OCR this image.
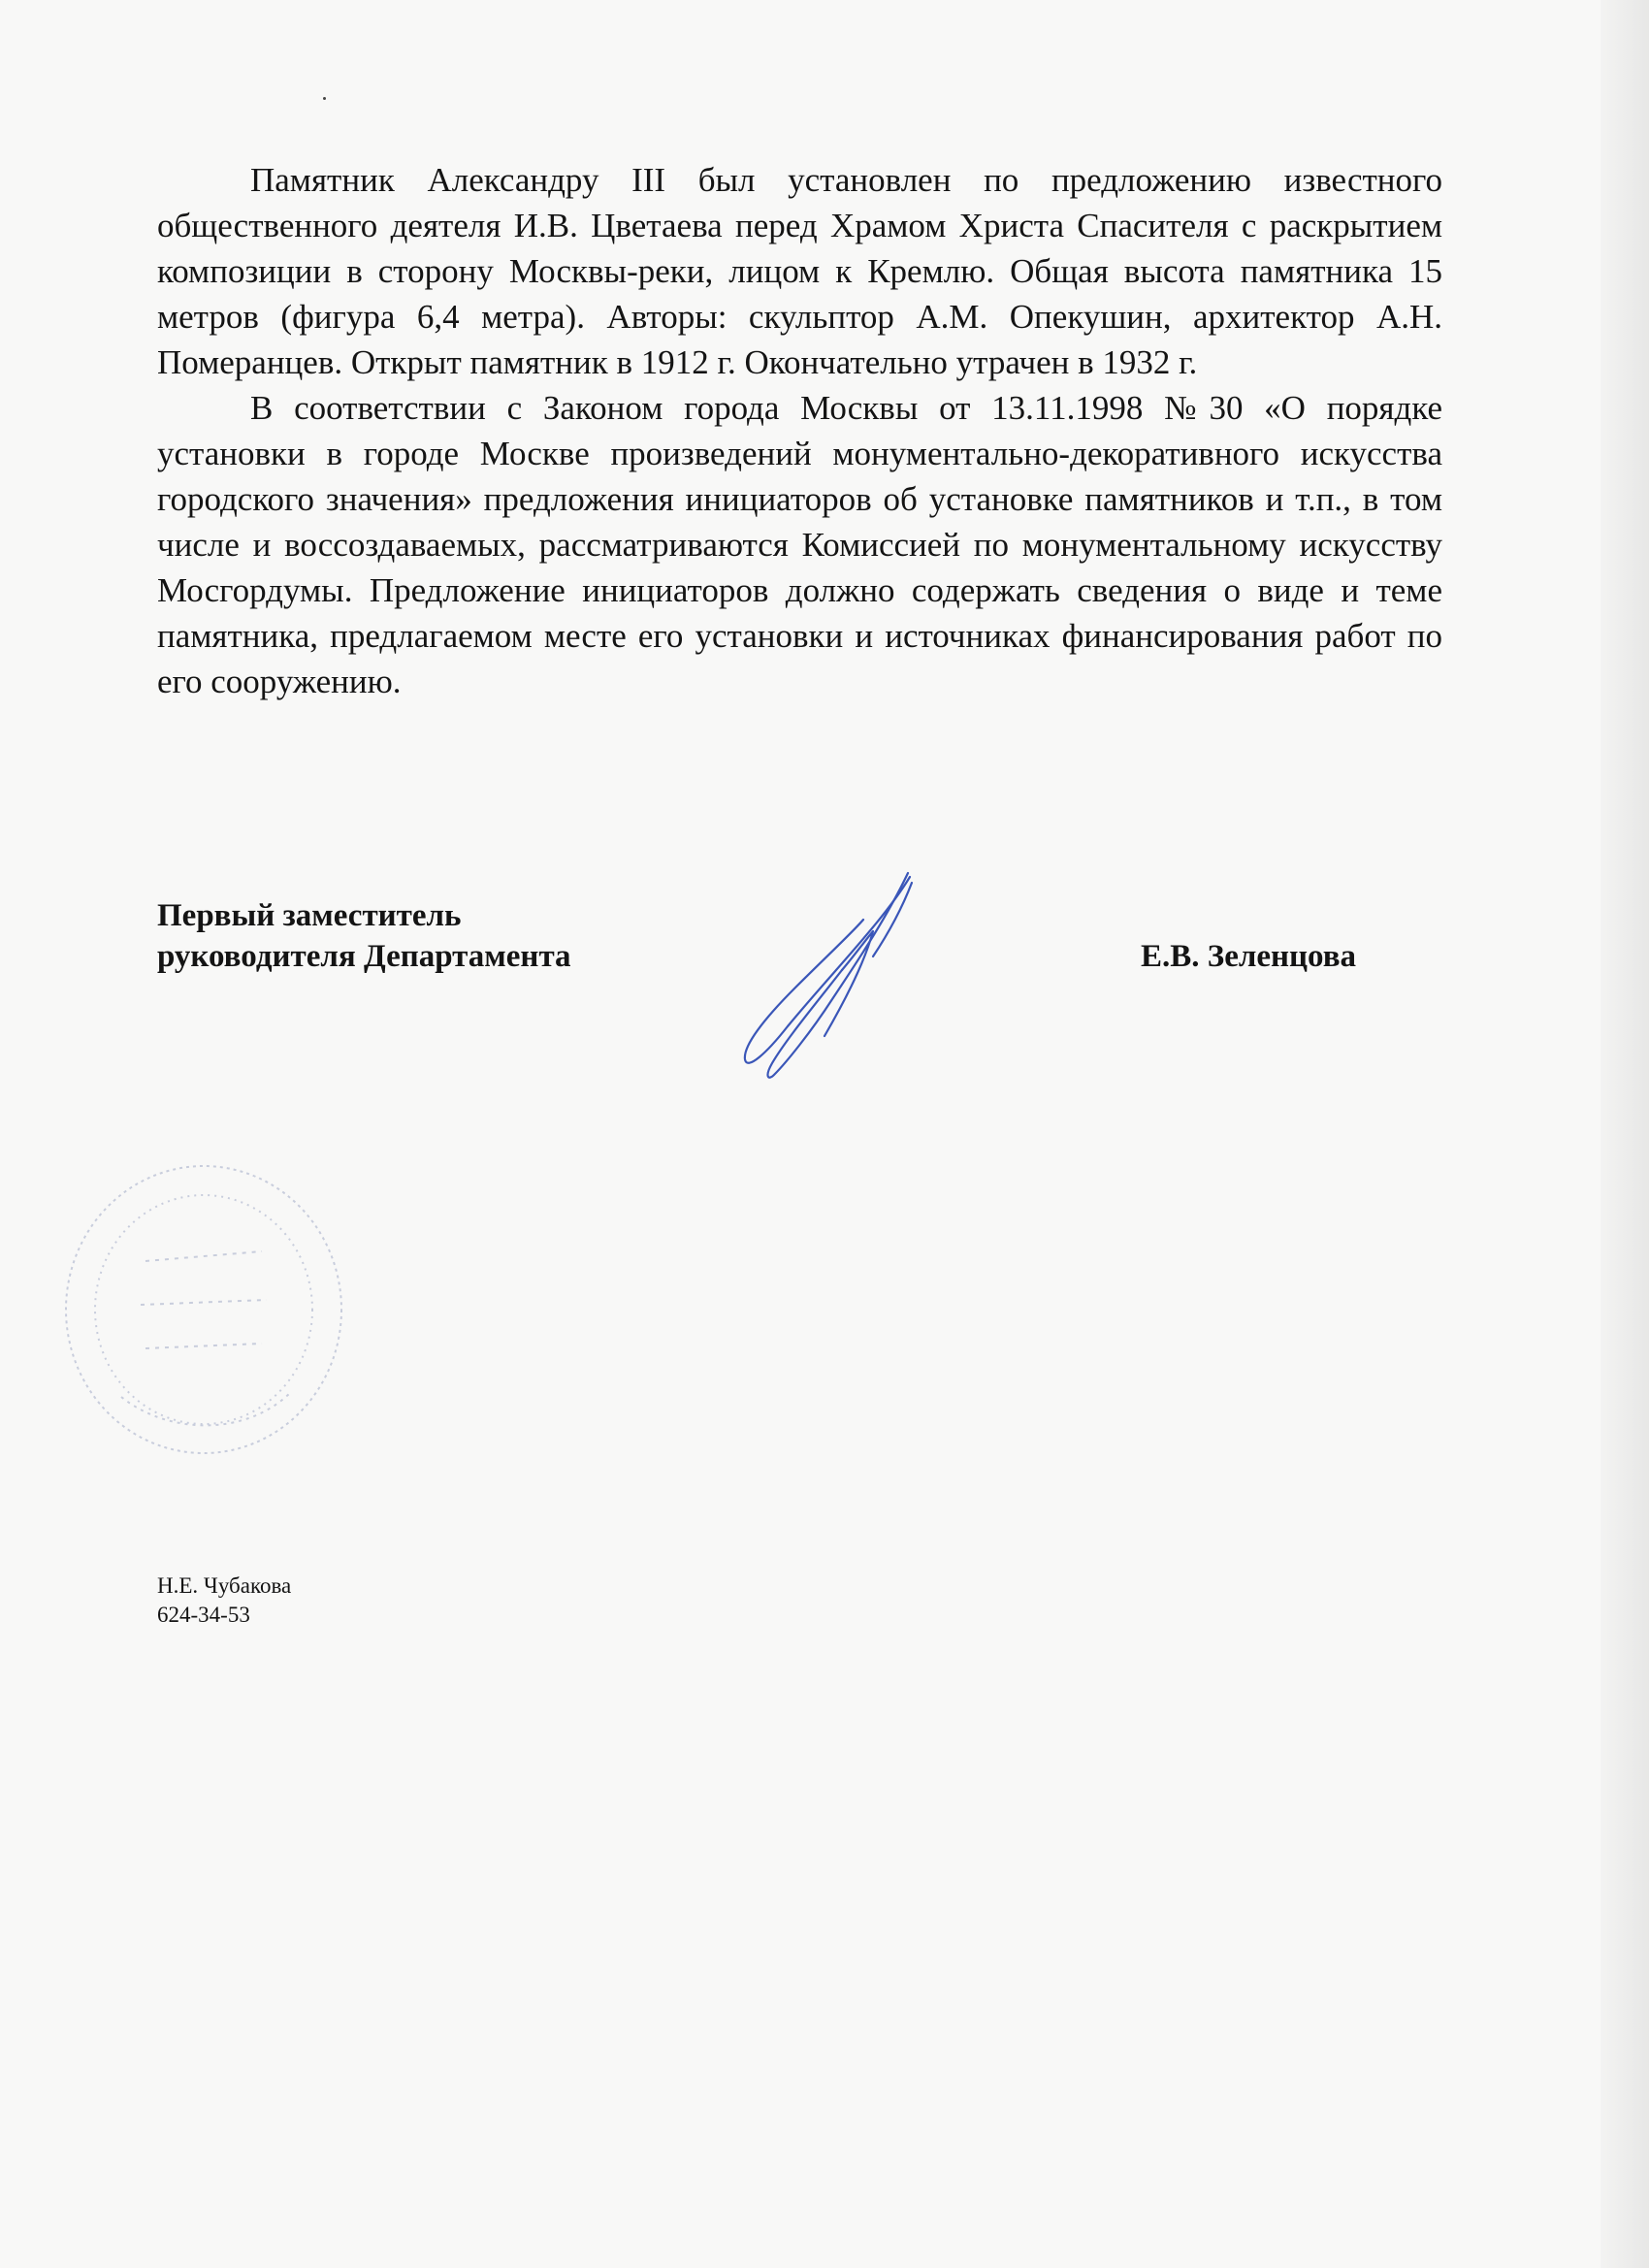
Памятник Александру III был установлен по предложению известного общественного деятеля И.В. Цветаева перед Храмом Христа Спасителя с раскрытием композиции в сторону Москвы-реки, лицом к Кремлю. Общая высота памятника 15 метров (фигура 6,4 метра). Авторы: скульптор А.М. Опекушин, архитектор А.Н. Померанцев. Открыт памятник в 1912 г. Окончательно утрачен в 1932 г.

В соответствии с Законом города Москвы от 13.11.1998 №30 «О порядке установки в городе Москве произведений монументально-декоративного искусства городского значения» предложения инициаторов об установке памятников и т.п., в том числе и воссоздаваемых, рассматриваются Комиссией по монументальному искусству Мосгордумы. Предложение инициаторов должно содержать сведения о виде и теме памятника, предлагаемом месте его установки и источниках финансирования работ по его сооружению.

Первый заместитель
руководителя Департамента	Е.В. Зеленцова
Н.Е. Чубакова
624-34-53
